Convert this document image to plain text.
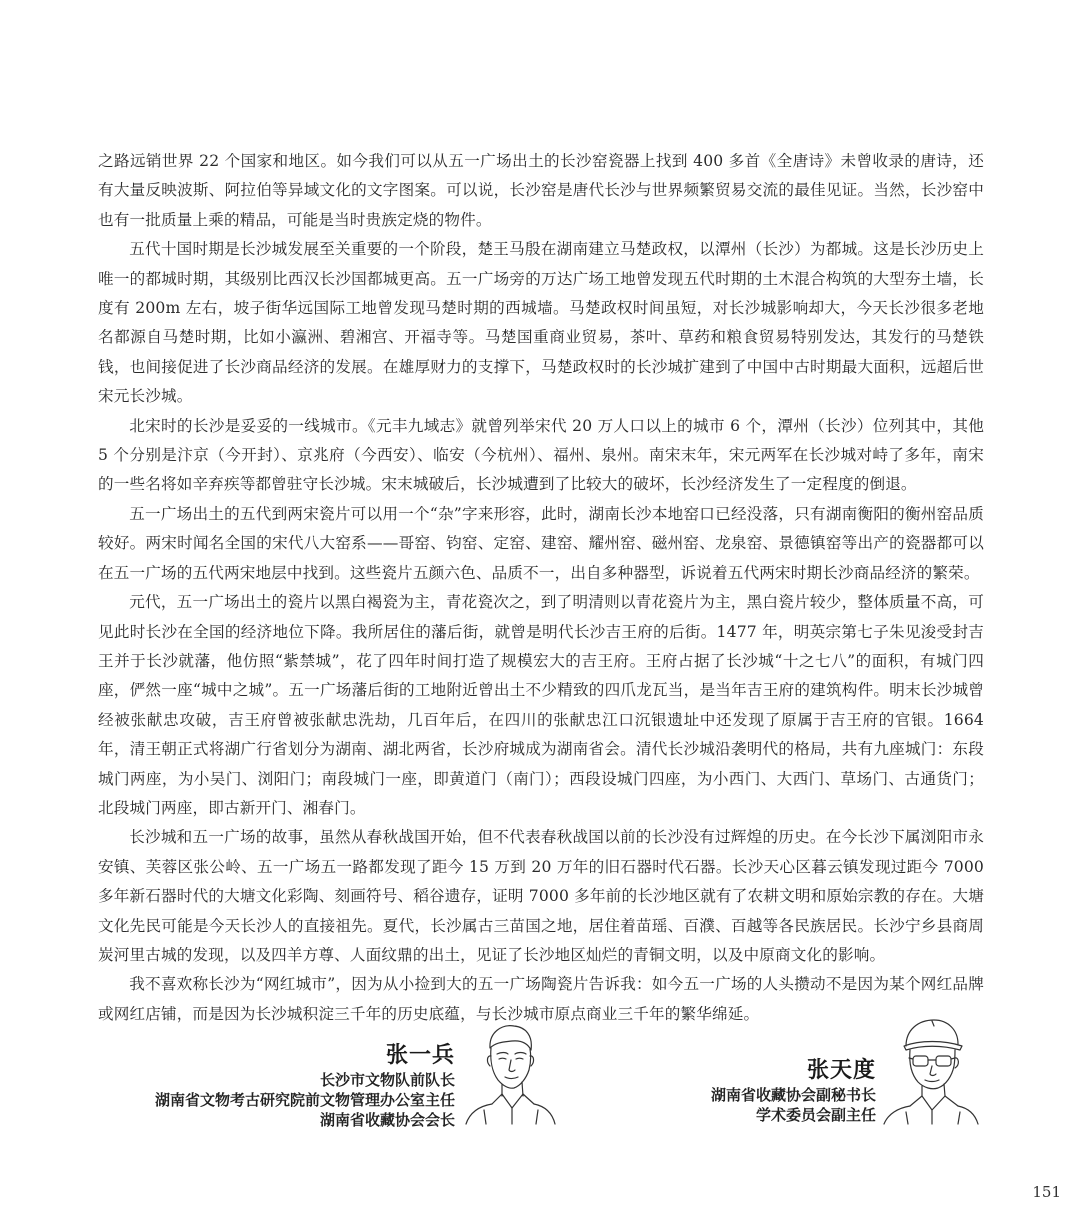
之路远销世界 22 个国家和地区。如今我们可以从五一广场出土的长沙窑瓷器上找到 400 多首《全唐诗》未曾收录的唐诗，还有大量反映波斯、阿拉伯等异域文化的文字图案。可以说，长沙窑是唐代长沙与世界频繁贸易交流的最佳见证。当然，长沙窑中也有一批质量上乘的精品，可能是当时贵族定烧的物件。

五代十国时期是长沙城发展至关重要的一个阶段，楚王马殷在湖南建立马楚政权，以潭州（长沙）为都城。这是长沙历史上唯一的都城时期，其级别比西汉长沙国都城更高。五一广场旁的万达广场工地曾发现五代时期的土木混合构筑的大型夯土墙，长度有 200m 左右，坡子街华远国际工地曾发现马楚时期的西城墙。马楚政权时间虽短，对长沙城影响却大，今天长沙很多老地名都源自马楚时期，比如小瀛洲、碧湘宫、开福寺等。马楚国重商业贸易，茶叶、草药和粮食贸易特别发达，其发行的马楚铁钱，也间接促进了长沙商品经济的发展。在雄厚财力的支撑下，马楚政权时的长沙城扩建到了中国中古时期最大面积，远超后世宋元长沙城。

北宋时的长沙是妥妥的一线城市。《元丰九域志》就曾列举宋代 20 万人口以上的城市 6 个，潭州（长沙）位列其中，其他 5 个分别是汴京（今开封）、京兆府（今西安）、临安（今杭州）、福州、泉州。南宋末年，宋元两军在长沙城对峙了多年，南宋的一些名将如辛弃疾等都曾驻守长沙城。宋末城破后，长沙城遭到了比较大的破坏，长沙经济发生了一定程度的倒退。

五一广场出土的五代到两宋瓷片可以用一个“杂”字来形容，此时，湖南长沙本地窑口已经没落，只有湖南衡阳的衡州窑品质较好。两宋时闻名全国的宋代八大窑系——哥窑、钧窑、定窑、建窑、耀州窑、磁州窑、龙泉窑、景德镇窑等出产的瓷器都可以在五一广场的五代两宋地层中找到。这些瓷片五颜六色、品质不一，出自多种器型，诉说着五代两宋时期长沙商品经济的繁荣。

元代，五一广场出土的瓷片以黑白褐瓷为主，青花瓷次之，到了明清则以青花瓷片为主，黑白瓷片较少，整体质量不高，可见此时长沙在全国的经济地位下降。我所居住的藩后街，就曾是明代长沙吉王府的后街。1477 年，明英宗第七子朱见浚受封吉王并于长沙就藩，他仿照“紫禁城”，花了四年时间打造了规模宏大的吉王府。王府占据了长沙城“十之七八”的面积，有城门四座，俨然一座“城中之城”。五一广场藩后街的工地附近曾出土不少精致的四爪龙瓦当，是当年吉王府的建筑构件。明末长沙城曾经被张献忠攻破，吉王府曾被张献忠洗劫，几百年后，在四川的张献忠江口沉银遗址中还发现了原属于吉王府的官银。1664 年，清王朝正式将湖广行省划分为湖南、湖北两省，长沙府城成为湖南省会。清代长沙城沿袭明代的格局，共有九座城门：东段城门两座，为小吴门、浏阳门；南段城门一座，即黄道门（南门）；西段设城门四座，为小西门、大西门、草场门、古通货门；北段城门两座，即古新开门、湘春门。

长沙城和五一广场的故事，虽然从春秋战国开始，但不代表春秋战国以前的长沙没有过辉煌的历史。在今长沙下属浏阳市永安镇、芙蓉区张公岭、五一广场五一路都发现了距今 15 万到 20 万年的旧石器时代石器。长沙天心区暮云镇发现过距今 7000 多年新石器时代的大塘文化彩陶、刻画符号、稻谷遗存，证明 7000 多年前的长沙地区就有了农耕文明和原始宗教的存在。大塘文化先民可能是今天长沙人的直接祖先。夏代，长沙属古三苗国之地，居住着苗瑶、百濮、百越等各民族居民。长沙宁乡县商周炭河里古城的发现，以及四羊方尊、人面纹鼎的出土，见证了长沙地区灿烂的青铜文明，以及中原商文化的影响。

我不喜欢称长沙为“网红城市”，因为从小捡到大的五一广场陶瓷片告诉我：如今五一广场的人头攒动不是因为某个网红品牌或网红店铺，而是因为长沙城积淀三千年的历史底蕴，与长沙城市原点商业三千年的繁华绵延。

张一兵
长沙市文物队前队长
湖南省文物考古研究院前文物管理办公室主任
湖南省收藏协会会长
张天度
湖南省收藏协会副秘书长
学术委员会副主任
151
